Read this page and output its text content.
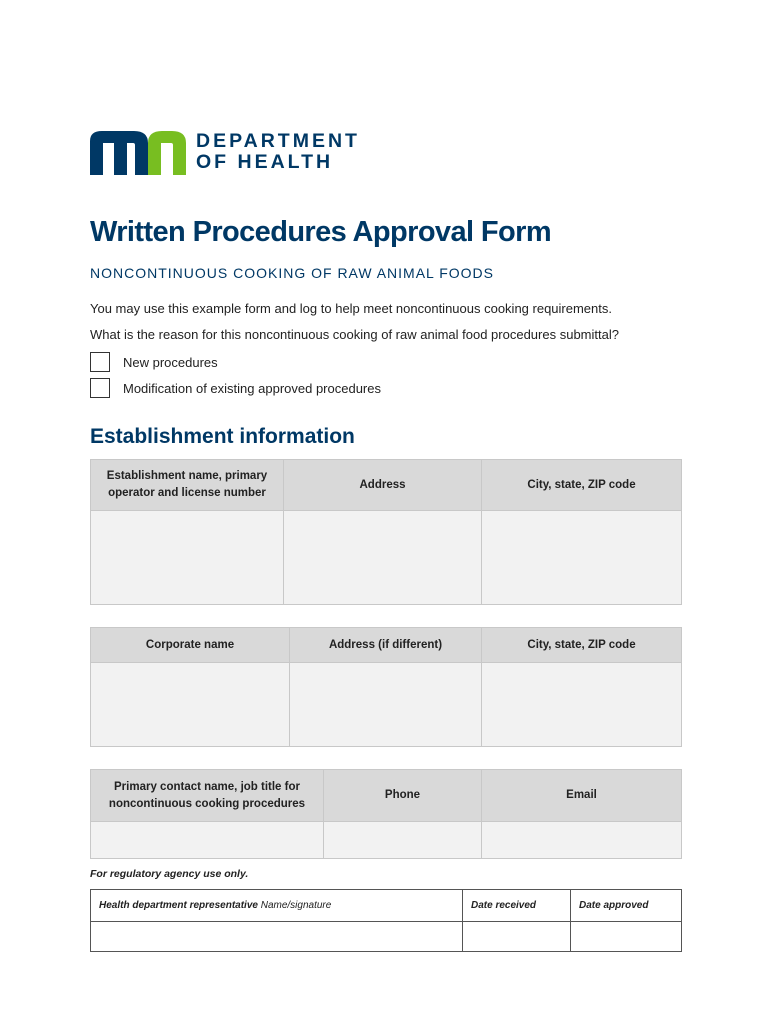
DEPARTMENT
OF HEALTH
Written Procedures Approval Form
NONCONTINUOUS COOKING OF RAW ANIMAL FOODS
You may use this example form and log to help meet noncontinuous cooking requirements.
What is the reason for this noncontinuous cooking of raw animal food procedures submittal?
New procedures
Modification of existing approved procedures
Establishment information
Establishment name, primary operator and license number	Address	City, state, ZIP code

Corporate name	Address (if different)	City, state, ZIP code

Primary contact name, job title for noncontinuous cooking procedures	Phone	Email

For regulatory agency use only.
Health department representative Name/signature	Date received	Date approved
